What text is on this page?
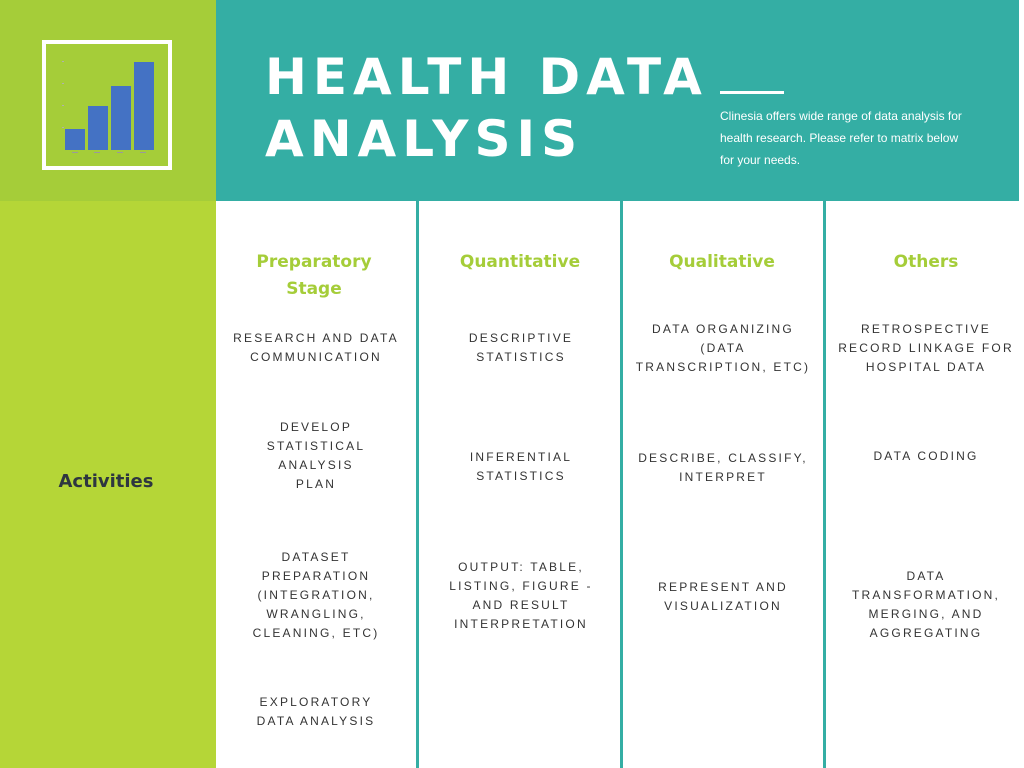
HEALTH DATA
ANALYSIS	Clinesia offers wide range of data analysis for health research. Please refer to matrix below for your needs.

Activities
Preparatory Stage
RESEARCH AND DATA COMMUNICATION
DEVELOP STATISTICAL ANALYSIS PLAN
DATASET PREPARATION (INTEGRATION, WRANGLING, CLEANING, ETC)
EXPLORATORY DATA ANALYSIS
Quantitative
DESCRIPTIVE STATISTICS
INFERENTIAL STATISTICS
OUTPUT: TABLE, LISTING, FIGURE - AND RESULT INTERPRETATION
Qualitative
DATA ORGANIZING (DATA TRANSCRIPTION, ETC)
DESCRIBE, CLASSIFY, INTERPRET
REPRESENT AND VISUALIZATION
Others
RETROSPECTIVE RECORD LINKAGE FOR HOSPITAL DATA
DATA CODING
DATA TRANSFORMATION, MERGING, AND AGGREGATING
